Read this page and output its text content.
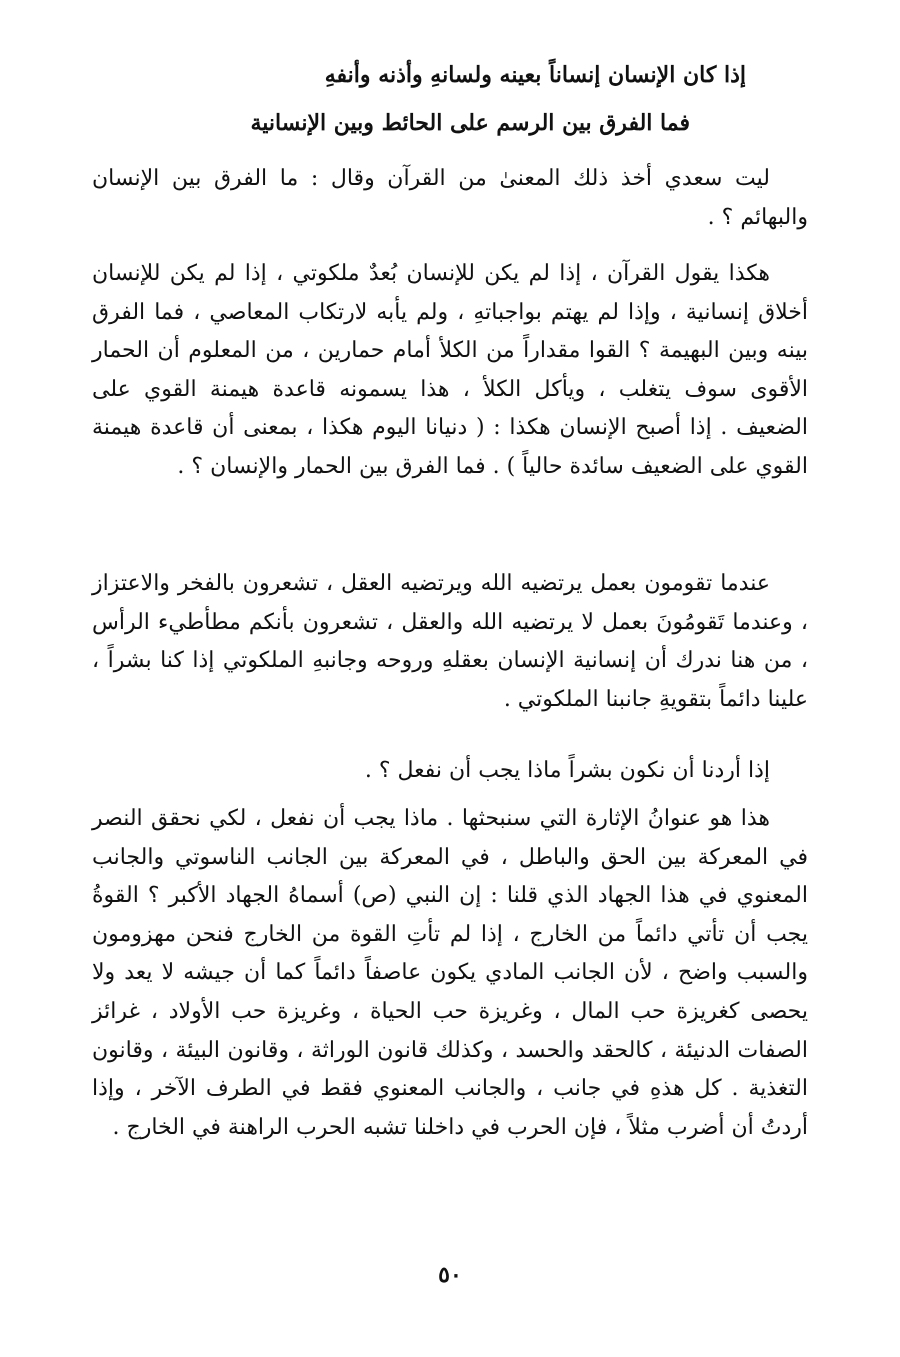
إذا كان الإنسان إنساناً بعينه ولسانهِ وأذنه وأنفهِ
فما الفرق بين الرسم على الحائط وبين الإنسانية

ليت سعدي أخذ ذلك المعنىٰ من القرآن وقال : ما الفرق بين الإنسان والبهائم ؟ .

هكذا يقول القرآن ، إذا لم يكن للإنسان بُعدٌ ملكوتي ، إذا لم يكن للإنسان أخلاق إنسانية ، وإذا لم يهتم بواجباتهِ ، ولم يأبه لارتكاب المعاصي ، فما الفرق بينه وبين البهيمة ؟ القوا مقداراً من الكلأ أمام حمارين ، من المعلوم أن الحمار الأقوى سوف يتغلب ، ويأكل الكلأ ، هذا يسمونه قاعدة هيمنة القوي على الضعيف . إذا أصبح الإنسان هكذا : ( دنيانا اليوم هكذا ، بمعنى أن قاعدة هيمنة القوي على الضعيف سائدة حالياً ) . فما الفرق بين الحمار والإنسان ؟ .

عندما تقومون بعمل يرتضيه الله ويرتضيه العقل ، تشعرون بالفخر والاعتزاز ، وعندما تَقومُونَ بعمل لا يرتضيه الله والعقل ، تشعرون بأنكم مطأطيء الرأس ، من هنا ندرك أن إنسانية الإنسان بعقلهِ وروحه وجانبهِ الملكوتي إذا كنا بشراً ، علينا دائماً بتقويةِ جانبنا الملكوتي .

إذا أردنا أن نكون بشراً ماذا يجب أن نفعل ؟ .

هذا هو عنوانُ الإثارة التي سنبحثها . ماذا يجب أن نفعل ، لكي نحقق النصر في المعركة بين الحق والباطل ، في المعركة بين الجانب الناسوتي والجانب المعنوي في هذا الجهاد الذي قلنا : إن النبي (ص) أسماهُ الجهاد الأكبر ؟ القوةُ يجب أن تأتي دائماً من الخارج ، إذا لم تأتِ القوة من الخارج فنحن مهزومون والسبب واضح ، لأن الجانب المادي يكون عاصفاً دائماً كما أن جيشه لا يعد ولا يحصى كغريزة حب المال ، وغريزة حب الحياة ، وغريزة حب الأولاد ، غرائز الصفات الدنيئة ، كالحقد والحسد ، وكذلك قانون الوراثة ، وقانون البيئة ، وقانون التغذية . كل هذهِ في جانب ، والجانب المعنوي فقط في الطرف الآخر ، وإذا أردتُ أن أضرب مثلاً ، فإن الحرب في داخلنا تشبه الحرب الراهنة في الخارج .

٥٠
